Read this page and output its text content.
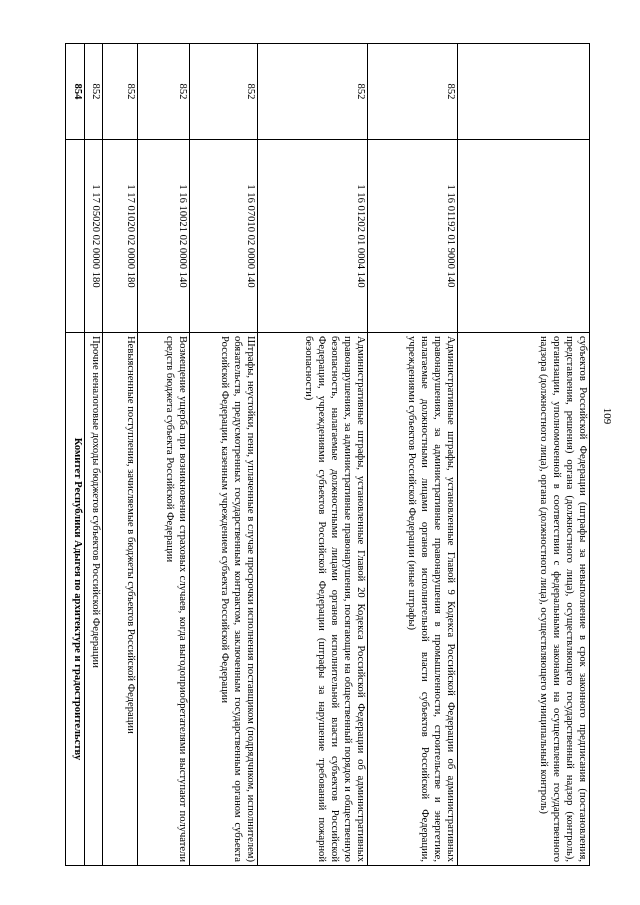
109
		субъектов Российской Федерации (штрафы за невыполнение в срок законного предписания (постановления, представления, решения) органа (должностного лица), осуществляющего государственный надзор (контроль), организации, уполномоченной в соответствии с федеральными законами на осуществление государственного надзора (должностного лица), органа (должностного лица), осуществляющего муниципальный контроль)
852	1 16 01192 01 9000 140	Административные штрафы, установленные Главой 9 Кодекса Российской Федерации об административных правонарушениях, за административные правонарушения в промышленности, строительстве и энергетике, налагаемые должностными лицами органов исполнительной власти субъектов Российской Федерации, учреждениями субъектов Российской Федерации (иные штрафы)
852	1 16 01202 01 0004 140	Административные штрафы, установленные Главой 20 Кодекса Российской Федерации об административных правонарушениях, за административные правонарушения, посягающие на общественный порядок и общественную безопасность, налагаемые должностными лицами органов исполнительной власти субъектов Российской Федерации, учреждениями субъектов Российской Федерации (штрафы за нарушение требований пожарной безопасности)
852	1 16 07010 02 0000 140	Штрафы, неустойки, пени, уплаченные в случае просрочки исполнения поставщиком (подрядчиком, исполнителем) обязательств, предусмотренных государственным контрактом, заключенным государственным органом субъекта Российской Федерации, казенным учреждением субъекта Российской Федерации
852	1 16 10021 02 0000 140	Возмещение ущерба при возникновении страховых случаев, когда выгодоприобретателями выступают получатели средств бюджета субъекта Российской Федерации
852	1 17 01020 02 0000 180	Невыясненные поступления, зачисляемые в бюджеты субъектов Российской Федерации
852	1 17 05020 02 0000 180	Прочие неналоговые доходы бюджетов субъектов Российской Федерации
854		Комитет Республики Адыгея по архитектуре и градостроительству
